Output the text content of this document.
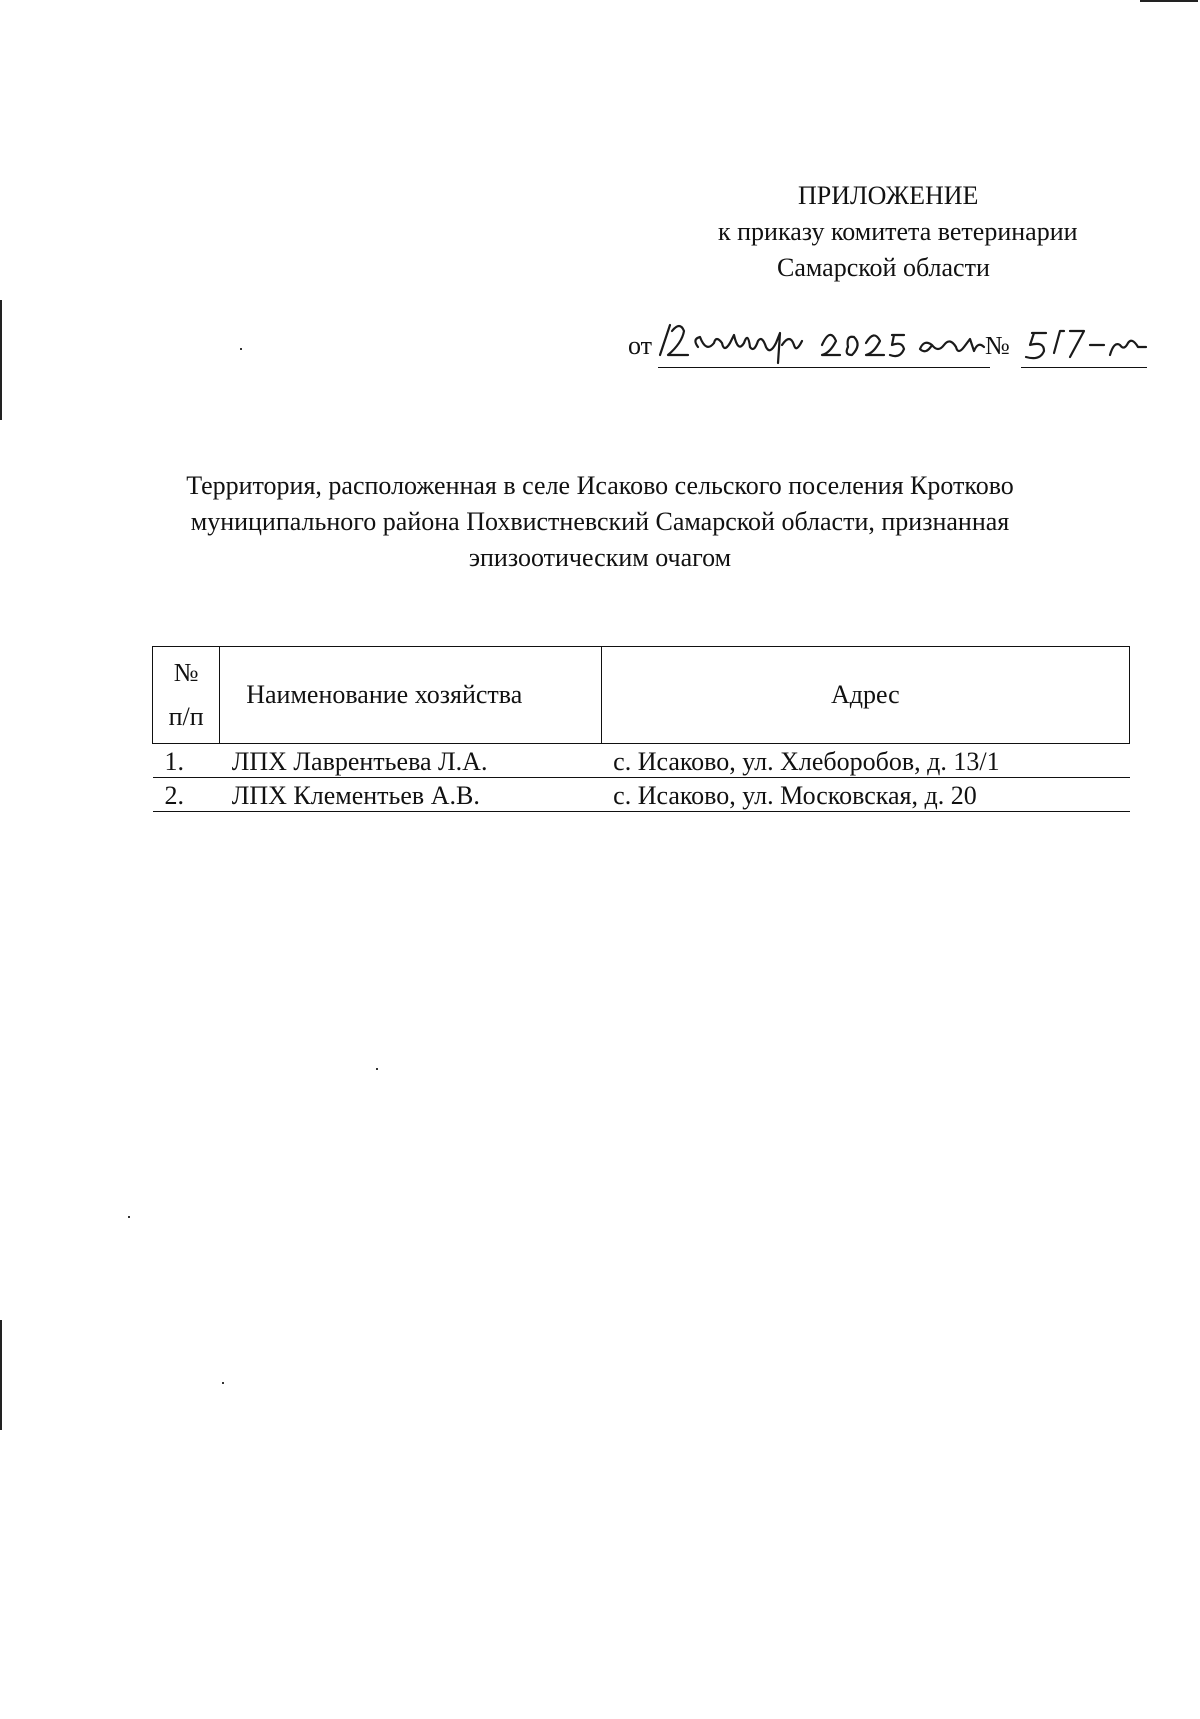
ПРИЛОЖЕНИЕ
к приказу комитета ветеринарии
Самарской области
от	№
Территория, расположенная в селе Исаково сельского поселения Кротково
муниципального района Похвистневский Самарской области, признанная
эпизоотическим очагом
№
п/п	Наименование хозяйства	Адрес
1.	ЛПХ Лаврентьева Л.А.	с. Исаково, ул. Хлеборобов, д. 13/1
2.	ЛПХ Клементьев А.В.	с. Исаково, ул. Московская, д. 20
